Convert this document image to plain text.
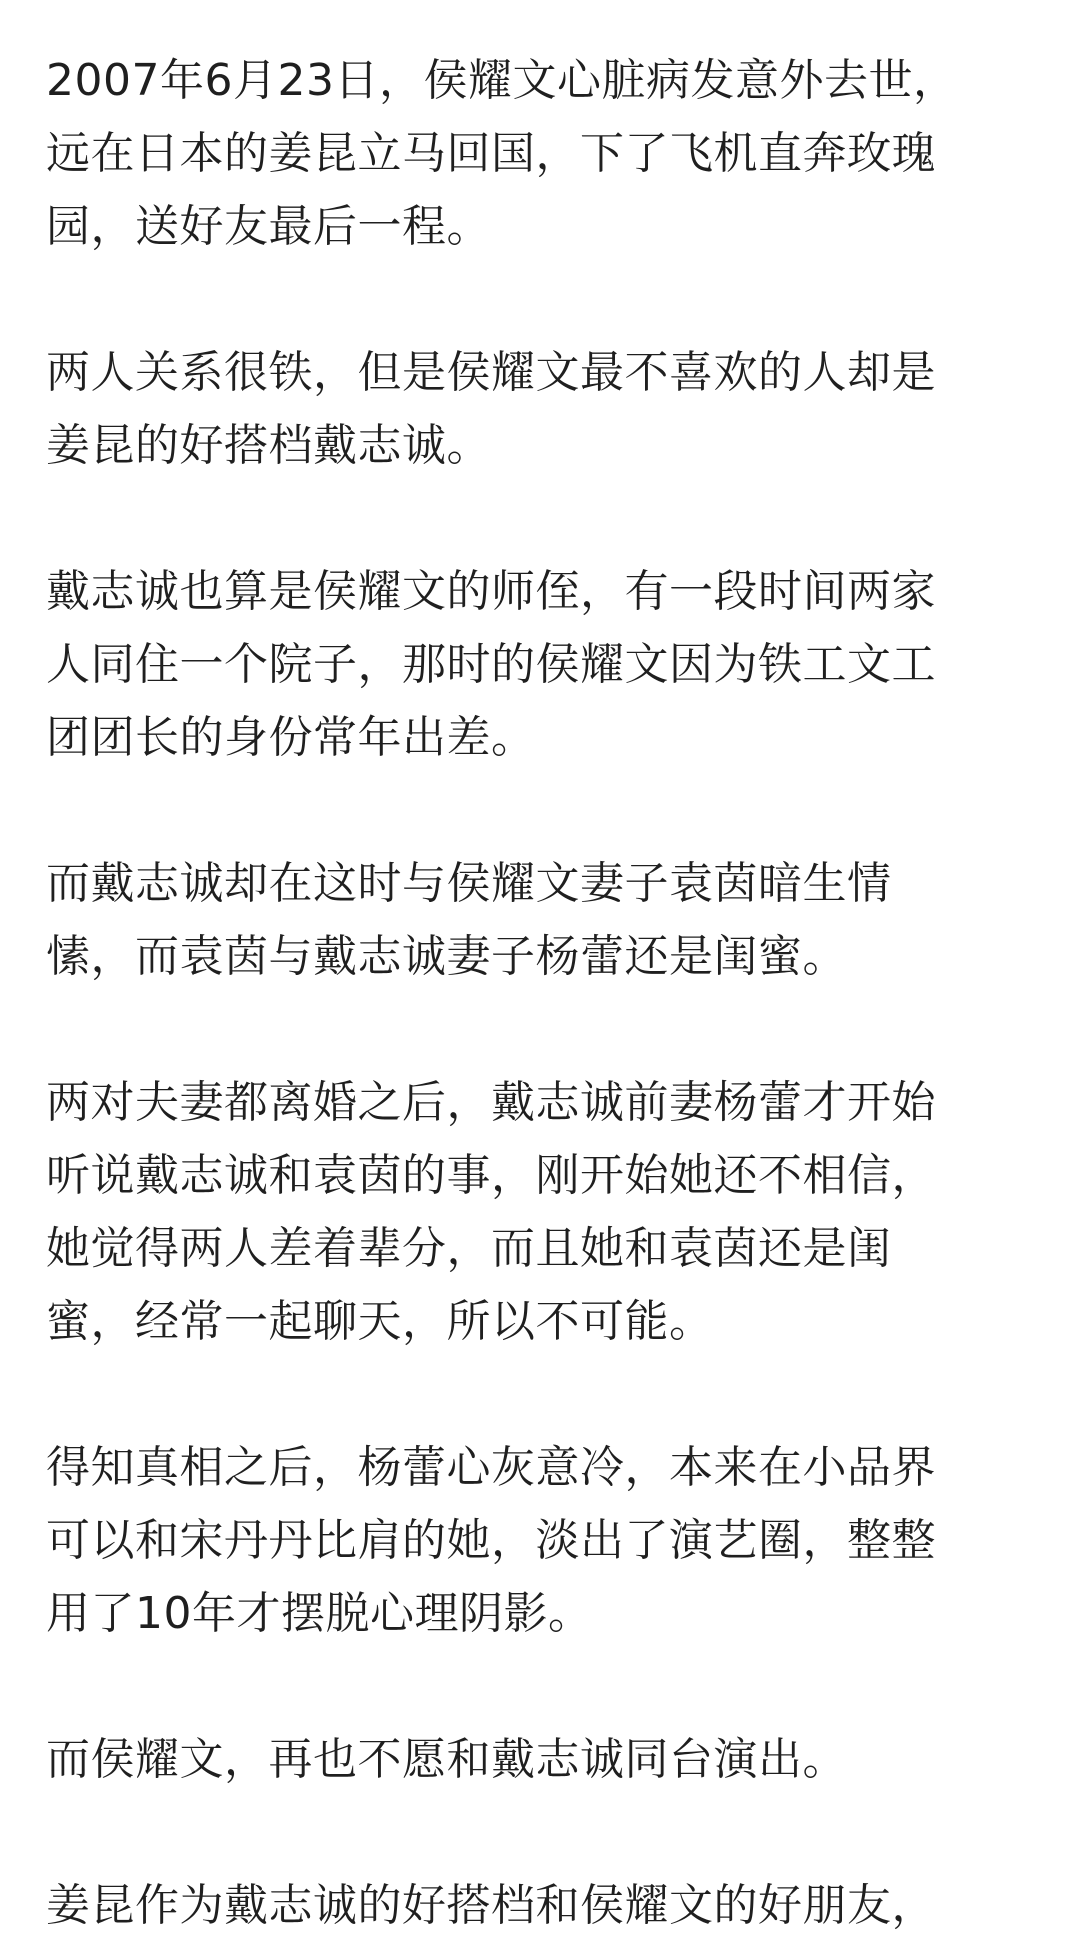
2007年6月23日，侯耀文心脏病发意外去世，
远在日本的姜昆立马回国，下了飞机直奔玫瑰
园，送好友最后一程。

两人关系很铁，但是侯耀文最不喜欢的人却是
姜昆的好搭档戴志诚。

戴志诚也算是侯耀文的师侄，有一段时间两家
人同住一个院子，那时的侯耀文因为铁工文工
团团长的身份常年出差。

而戴志诚却在这时与侯耀文妻子袁茵暗生情
愫，而袁茵与戴志诚妻子杨蕾还是闺蜜。

两对夫妻都离婚之后，戴志诚前妻杨蕾才开始
听说戴志诚和袁茵的事，刚开始她还不相信，
她觉得两人差着辈分，而且她和袁茵还是闺
蜜，经常一起聊天，所以不可能。

得知真相之后，杨蕾心灰意冷，本来在小品界
可以和宋丹丹比肩的她，淡出了演艺圈，整整
用了10年才摆脱心理阴影。

而侯耀文，再也不愿和戴志诚同台演出。

姜昆作为戴志诚的好搭档和侯耀文的好朋友，
